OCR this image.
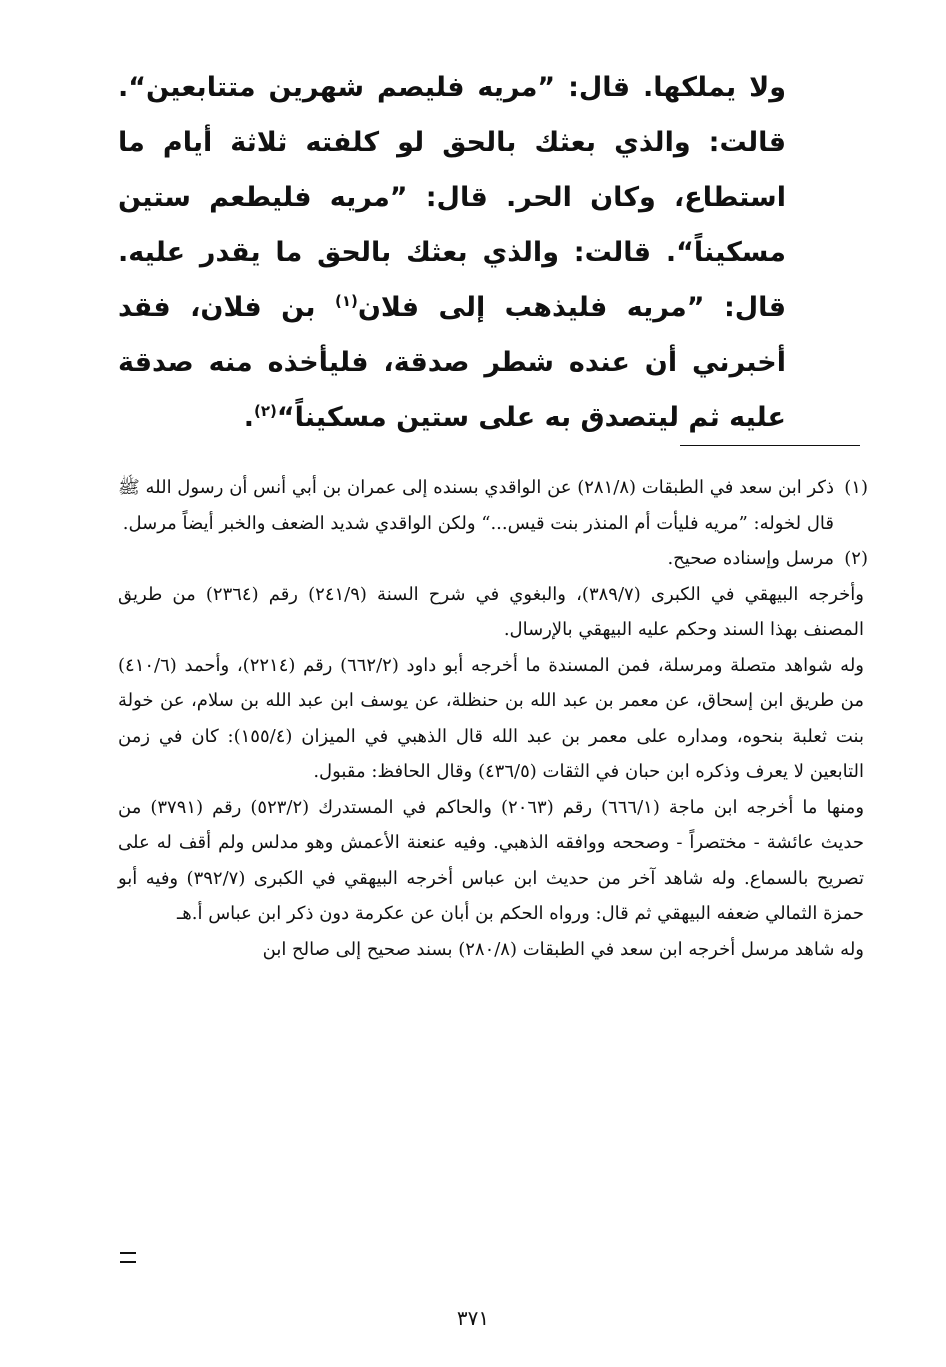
ولا يملكها. قال: ”مريه فليصم شهرين متتابعين“. قالت: والذي بعثك بالحق لو كلفته ثلاثة أيام ما استطاع، وكان الحر. قال: ”مريه فليطعم ستين مسكيناً“. قالت: والذي بعثك بالحق ما يقدر عليه. قال: ”مريه فليذهب إلى فلان$^{(١)}$ بن فلان، فقد أخبرني أن عنده شطر صدقة، فليأخذه منه صدقة عليه ثم ليتصدق به على ستين مسكيناً“$^{(٢)}$.

(١)
ذكر ابن سعد في الطبقات (٢٨١/٨) عن الواقدي بسنده إلى عمران بن أبي أنس أن رسول الله ﷺ قال لخوله: ”مريه فليأت أم المنذر بنت قيس...“ ولكن الواقدي شديد الضعف والخبر أيضاً مرسل.
(٢)
مرسل وإسناده صحيح.

وأخرجه البيهقي في الكبرى (٣٨٩/٧)، والبغوي في شرح السنة (٢٤١/٩) رقم (٢٣٦٤) من طريق المصنف بهذا السند وحكم عليه البيهقي بالإرسال.

وله شواهد متصلة ومرسلة، فمن المسندة ما أخرجه أبو داود (٦٦٢/٢) رقم (٢٢١٤)، وأحمد (٤١٠/٦) من طريق ابن إسحاق، عن معمر بن عبد الله بن حنظلة، عن يوسف ابن عبد الله بن سلام، عن خولة بنت ثعلبة بنحوه، ومداره على معمر بن عبد الله قال الذهبي في الميزان (١٥٥/٤): كان في زمن التابعين لا يعرف وذكره ابن حبان في الثقات (٤٣٦/٥) وقال الحافظ: مقبول.

ومنها ما أخرجه ابن ماجة (٦٦٦/١) رقم (٢٠٦٣) والحاكم في المستدرك (٥٢٣/٢) رقم (٣٧٩١) من حديث عائشة - مختصراً - وصححه ووافقه الذهبي. وفيه عنعنة الأعمش وهو مدلس ولم أقف له على تصريح بالسماع. وله شاهد آخر من حديث ابن عباس أخرجه البيهقي في الكبرى (٣٩٢/٧) وفيه أبو حمزة الثمالي ضعفه البيهقي ثم قال: ورواه الحكم بن أبان عن عكرمة دون ذكر ابن عباس أ.هـ

وله شاهد مرسل أخرجه ابن سعد في الطبقات (٢٨٠/٨) بسند صحيح إلى صالح ابن

٣٧١
